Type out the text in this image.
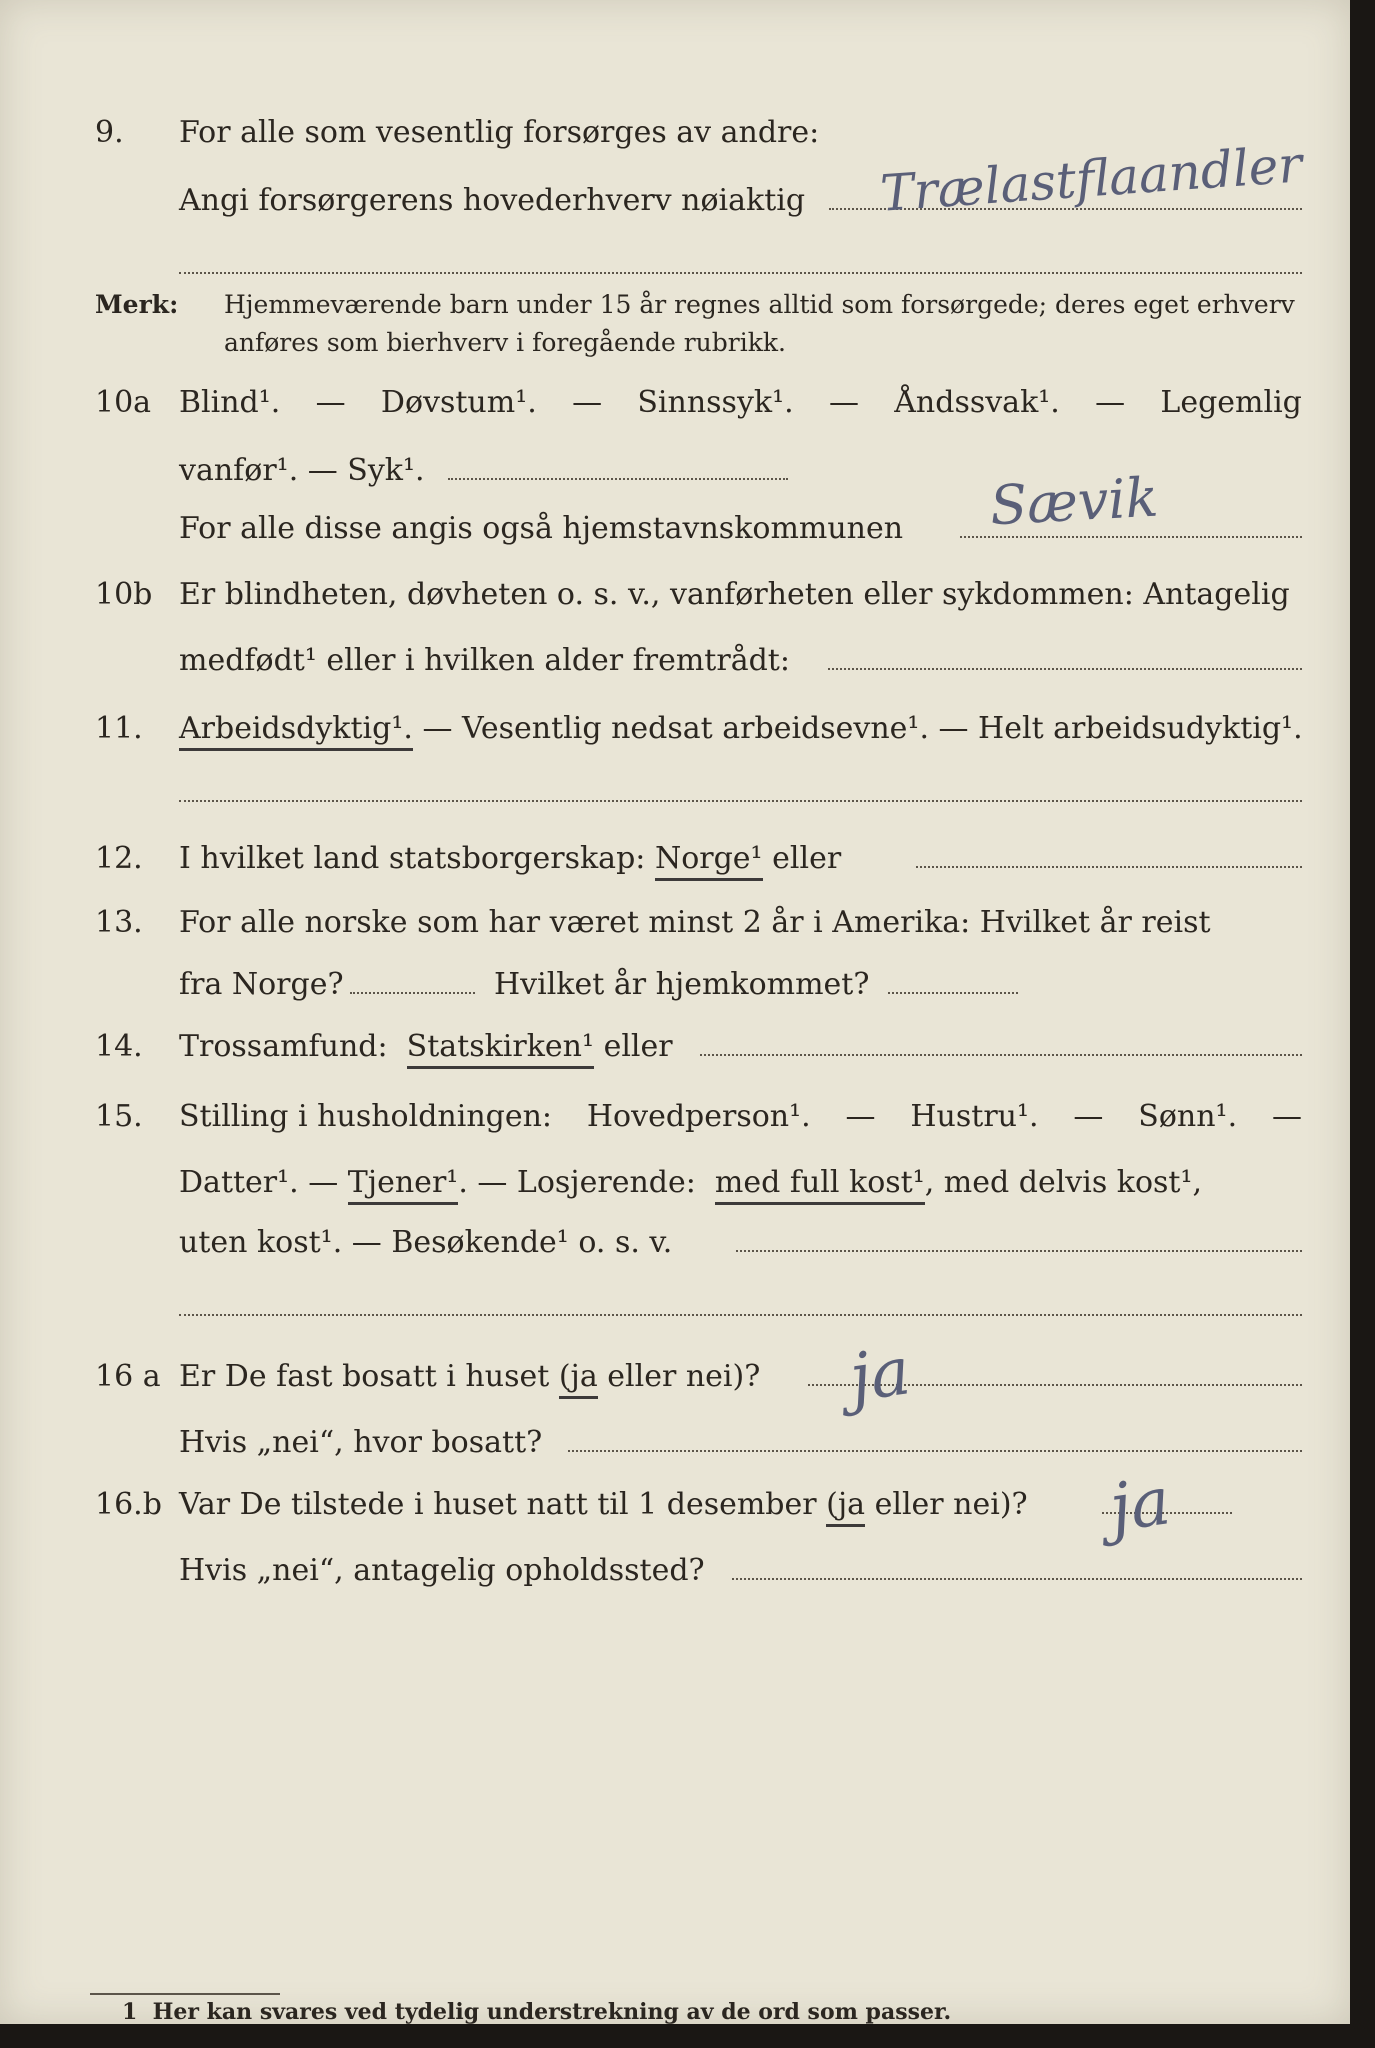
9. For alle som vesentlig forsørges av andre:
Angi forsørgerens hovederhverv nøiaktig Trælastflaandler
Merk: Hjemmeværende barn under 15 år regnes alltid som forsørgede; deres eget erhverv
anføres som bierhverv i foregående rubrikk.
10a Blind¹. — Døvstum¹. — Sinnssyk¹. — Åndssvak¹. — Legemlig
vanfør¹. — Syk¹.
For alle disse angis også hjemstavnskommunen Sævik
10b Er blindheten, døvheten o. s. v., vanførheten eller sykdommen: Antagelig
medfødt¹ eller i hvilken alder fremtrådt:
11. Arbeidsdyktig¹. — Vesentlig nedsat arbeidsevne¹. — Helt arbeidsudyktig¹.
12. I hvilket land statsborgerskap: Norge¹ eller
13. For alle norske som har været minst 2 år i Amerika: Hvilket år reist
fra Norge?	Hvilket år hjemkommet?
14. Trossamfund: Statskirken¹ eller
15. Stilling i husholdningen: Hovedperson¹. — Hustru¹. — Sønn¹. —
Datter¹. — Tjener¹. — Losjerende: med full kost¹, med delvis kost¹,
uten kost¹. — Besøkende¹ o. s. v.
16 a Er De fast bosatt i huset (ja eller nei)?
Hvis „nei“, hvor bosatt?
ja
16.b Var De tilstede i huset natt til 1 desember (ja eller nei)?
Hvis „nei“, antagelig opholdssted?
ja
1 Her kan svares ved tydelig understrekning av de ord som passer.
